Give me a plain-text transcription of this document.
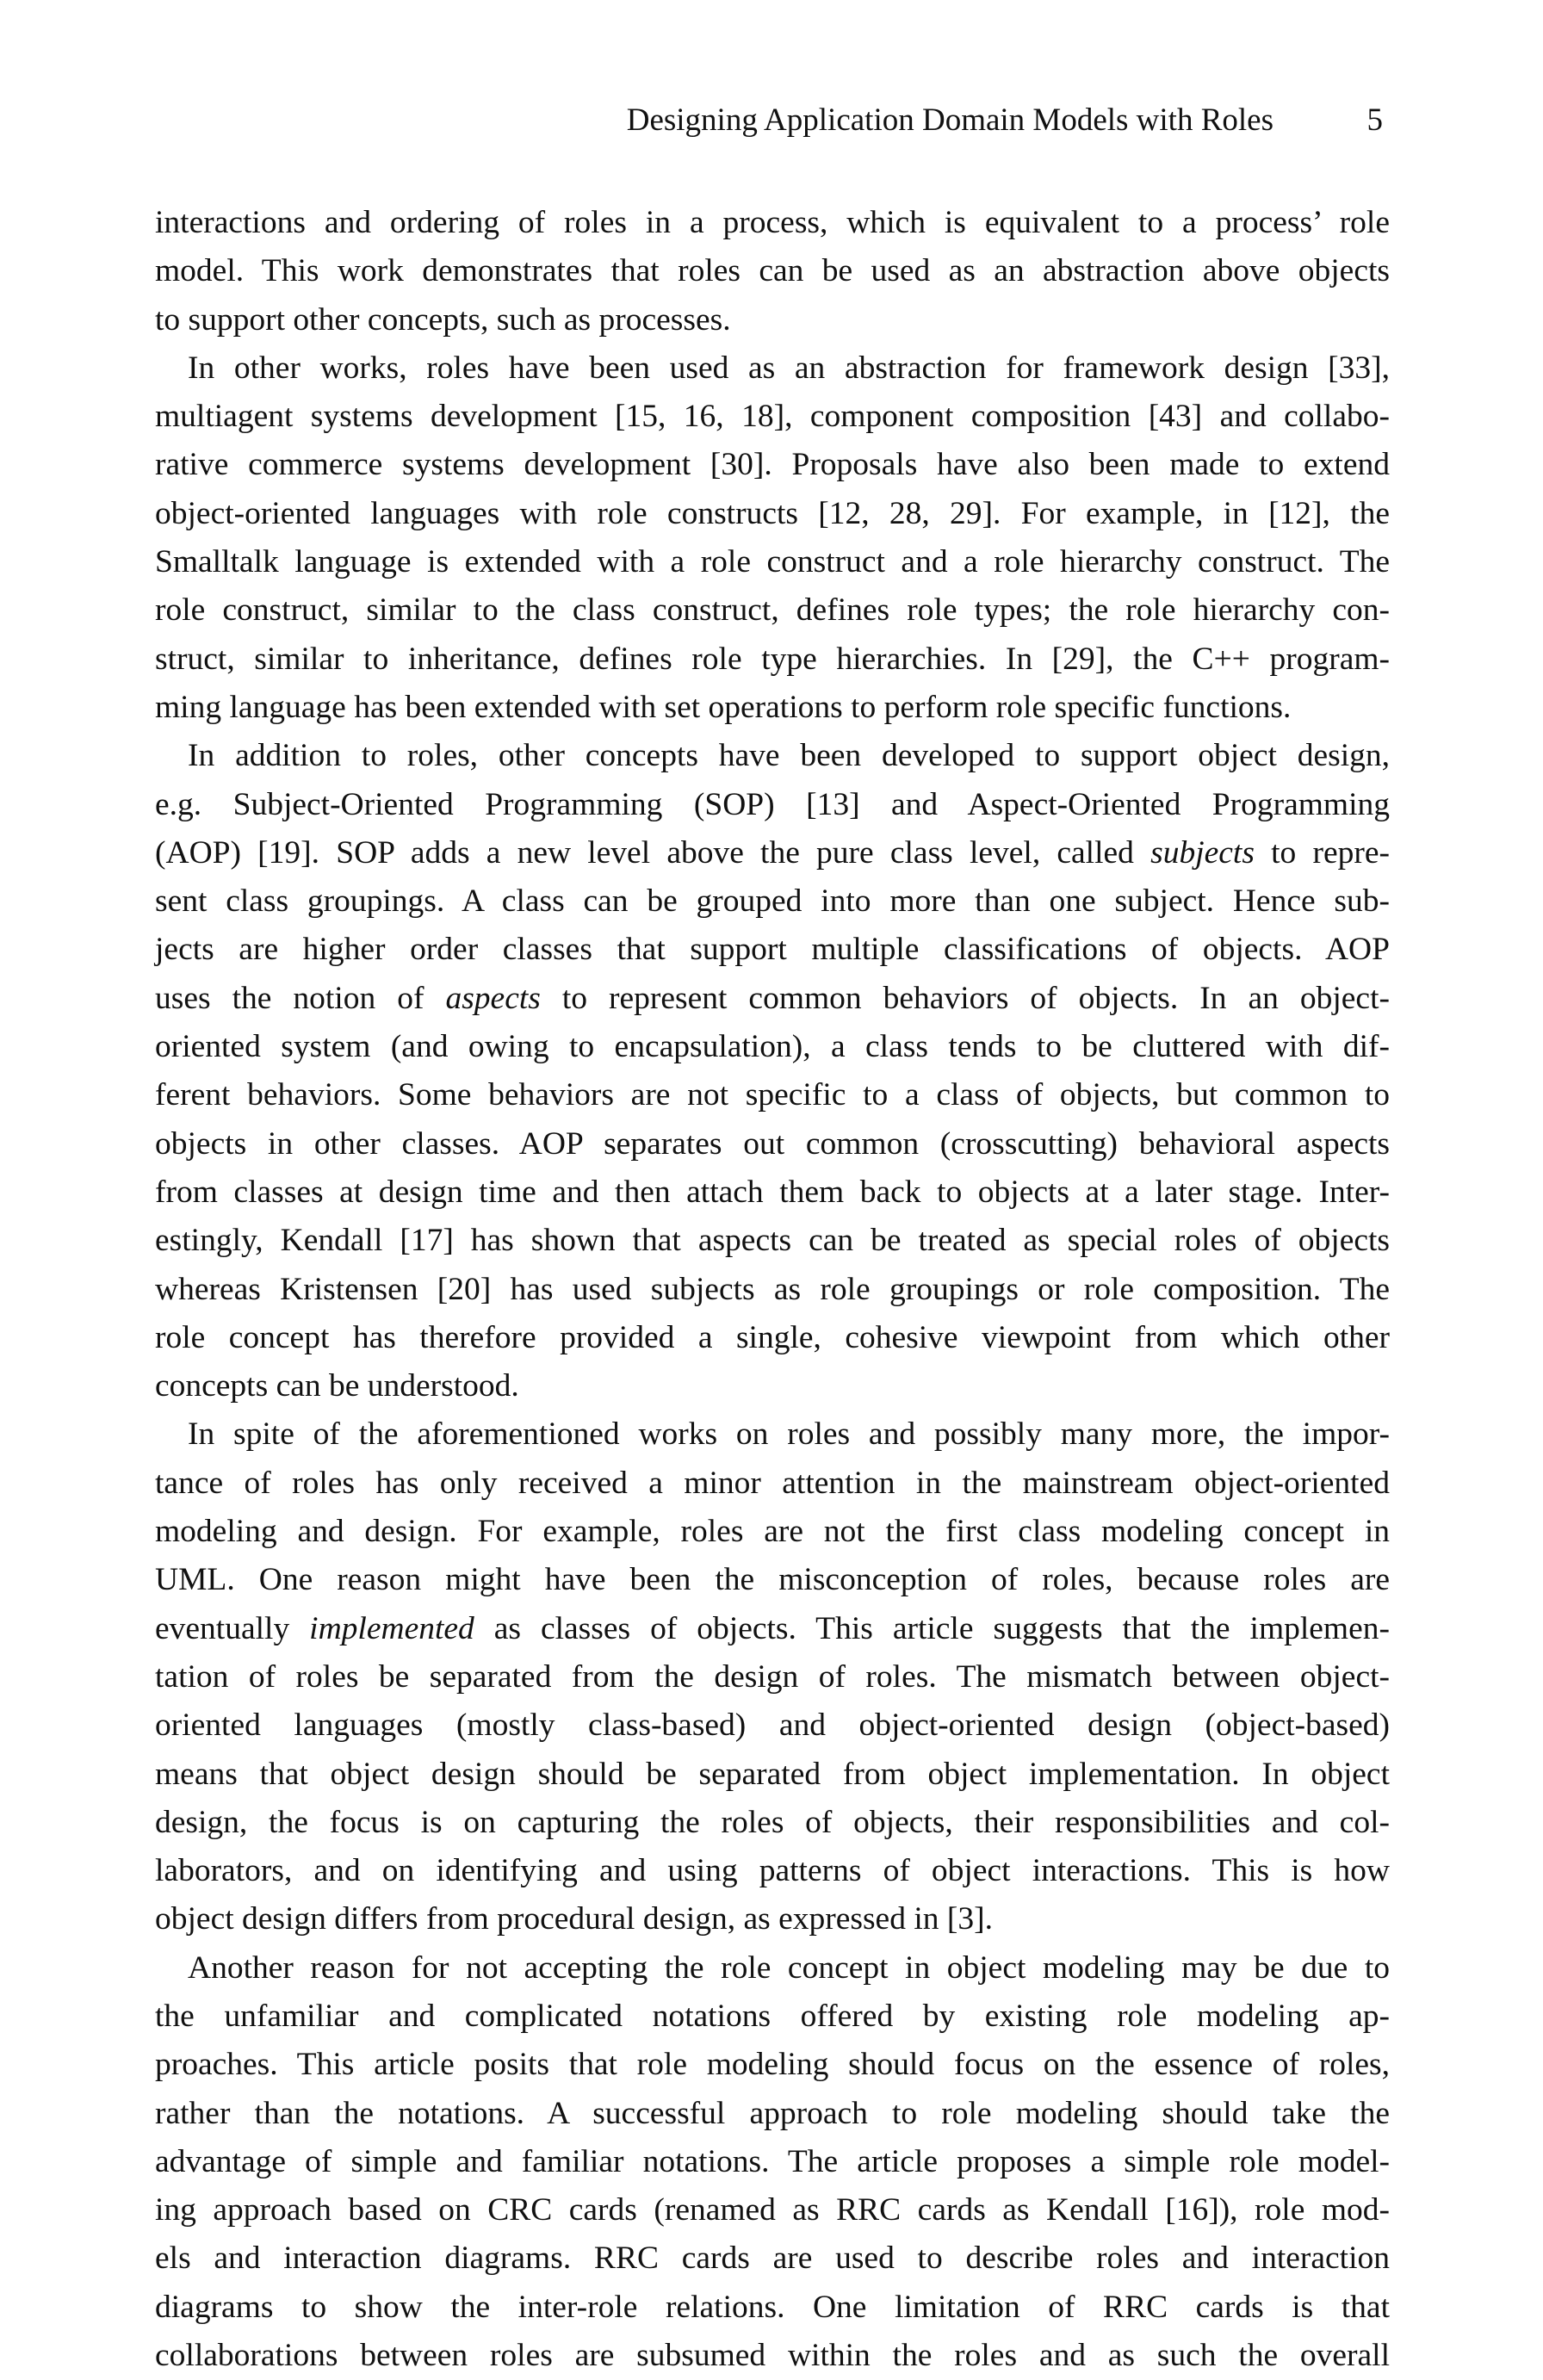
Designing Application Domain Models with Roles	5
interactions and ordering of roles in a process, which is equivalent to a process’ role
model. This work demonstrates that roles can be used as an abstraction above objects
to support other concepts, such as processes.
In other works, roles have been used as an abstraction for framework design [33],
multiagent systems development [15, 16, 18], component composition [43] and collabo-
rative commerce systems development [30]. Proposals have also been made to extend
object-oriented languages with role constructs [12, 28, 29]. For example, in [12], the
Smalltalk language is extended with a role construct and a role hierarchy construct. The
role construct, similar to the class construct, defines role types; the role hierarchy con-
struct, similar to inheritance, defines role type hierarchies. In [29], the C++ program-
ming language has been extended with set operations to perform role specific functions.
In addition to roles, other concepts have been developed to support object design,
e.g. Subject-Oriented Programming (SOP) [13] and Aspect-Oriented Programming
(AOP) [19]. SOP adds a new level above the pure class level, called subjects to repre-
sent class groupings. A class can be grouped into more than one subject. Hence sub-
jects are higher order classes that support multiple classifications of objects. AOP
uses the notion of aspects to represent common behaviors of objects. In an object-
oriented system (and owing to encapsulation), a class tends to be cluttered with dif-
ferent behaviors. Some behaviors are not specific to a class of objects, but common to
objects in other classes. AOP separates out common (crosscutting) behavioral aspects
from classes at design time and then attach them back to objects at a later stage. Inter-
estingly, Kendall [17] has shown that aspects can be treated as special roles of objects
whereas Kristensen [20] has used subjects as role groupings or role composition. The
role concept has therefore provided a single, cohesive viewpoint from which other
concepts can be understood.
In spite of the aforementioned works on roles and possibly many more, the impor-
tance of roles has only received a minor attention in the mainstream object-oriented
modeling and design. For example, roles are not the first class modeling concept in
UML. One reason might have been the misconception of roles, because roles are
eventually implemented as classes of objects. This article suggests that the implemen-
tation of roles be separated from the design of roles. The mismatch between object-
oriented languages (mostly class-based) and object-oriented design (object-based)
means that object design should be separated from object implementation. In object
design, the focus is on capturing the roles of objects, their responsibilities and col-
laborators, and on identifying and using patterns of object interactions. This is how
object design differs from procedural design, as expressed in [3].
Another reason for not accepting the role concept in object modeling may be due to
the unfamiliar and complicated notations offered by existing role modeling ap-
proaches. This article posits that role modeling should focus on the essence of roles,
rather than the notations. A successful approach to role modeling should take the
advantage of simple and familiar notations. The article proposes a simple role model-
ing approach based on CRC cards (renamed as RRC cards as Kendall [16]), role mod-
els and interaction diagrams. RRC cards are used to describe roles and interaction
diagrams to show the inter-role relations. One limitation of RRC cards is that
collaborations between roles are subsumed within the roles and as such the overall
